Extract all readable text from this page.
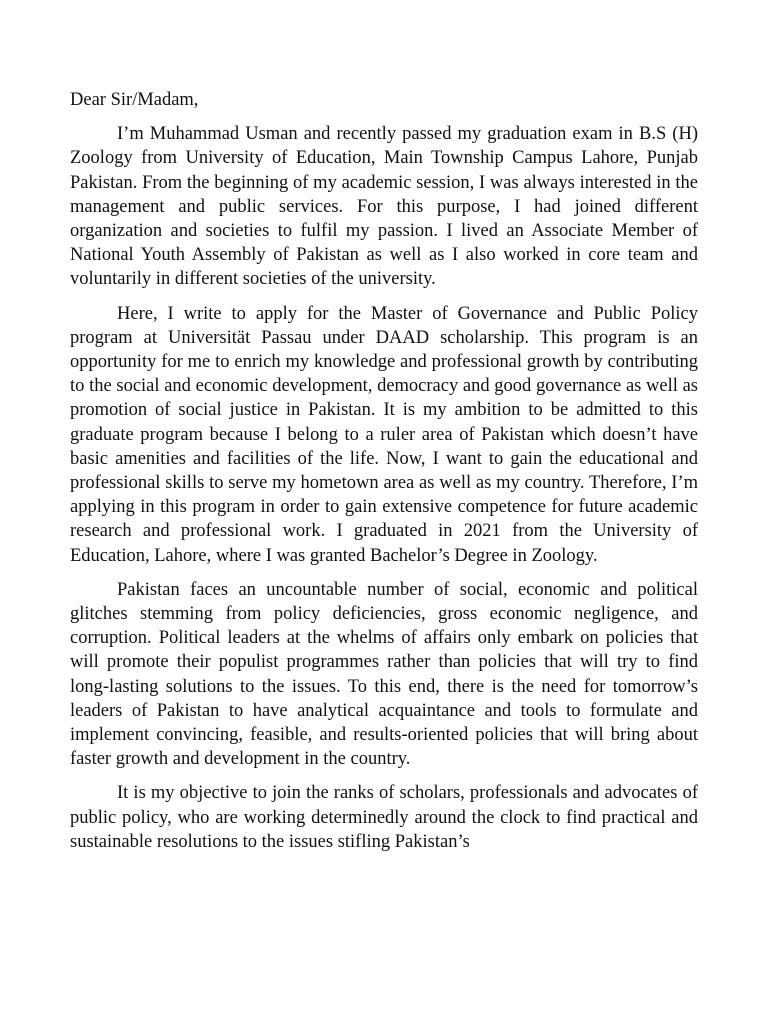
Dear Sir/Madam,

I’m Muhammad Usman and recently passed my graduation exam in B.S (H) Zoology from University of Education, Main Township Campus Lahore, Punjab Pakistan. From the beginning of my academic session, I was always interested in the management and public services. For this purpose, I had joined different organization and societies to fulfil my passion. I lived an Associate Member of National Youth Assembly of Pakistan as well as I also worked in core team and voluntarily in different societies of the university.

Here, I write to apply for the Master of Governance and Public Policy program at Universität Passau under DAAD scholarship. This program is an opportunity for me to enrich my knowledge and professional growth by contributing to the social and economic development, democracy and good governance as well as promotion of social justice in Pakistan. It is my ambition to be admitted to this graduate program because I belong to a ruler area of Pakistan which doesn’t have basic amenities and facilities of the life. Now, I want to gain the educational and professional skills to serve my hometown area as well as my country. Therefore, I’m applying in this program in order to gain extensive competence for future academic research and professional work. I graduated in 2021 from the University of Education, Lahore, where I was granted Bachelor’s Degree in Zoology.

Pakistan faces an uncountable number of social, economic and political glitches stemming from policy deficiencies, gross economic negligence, and corruption. Political leaders at the whelms of affairs only embark on policies that will promote their populist programmes rather than policies that will try to find long-lasting solutions to the issues. To this end, there is the need for tomorrow’s leaders of Pakistan to have analytical acquaintance and tools to formulate and implement convincing, feasible, and results-oriented policies that will bring about faster growth and development in the country.

It is my objective to join the ranks of scholars, professionals and advocates of public policy, who are working determinedly around the clock to find practical and sustainable resolutions to the issues stifling Pakistan’s
